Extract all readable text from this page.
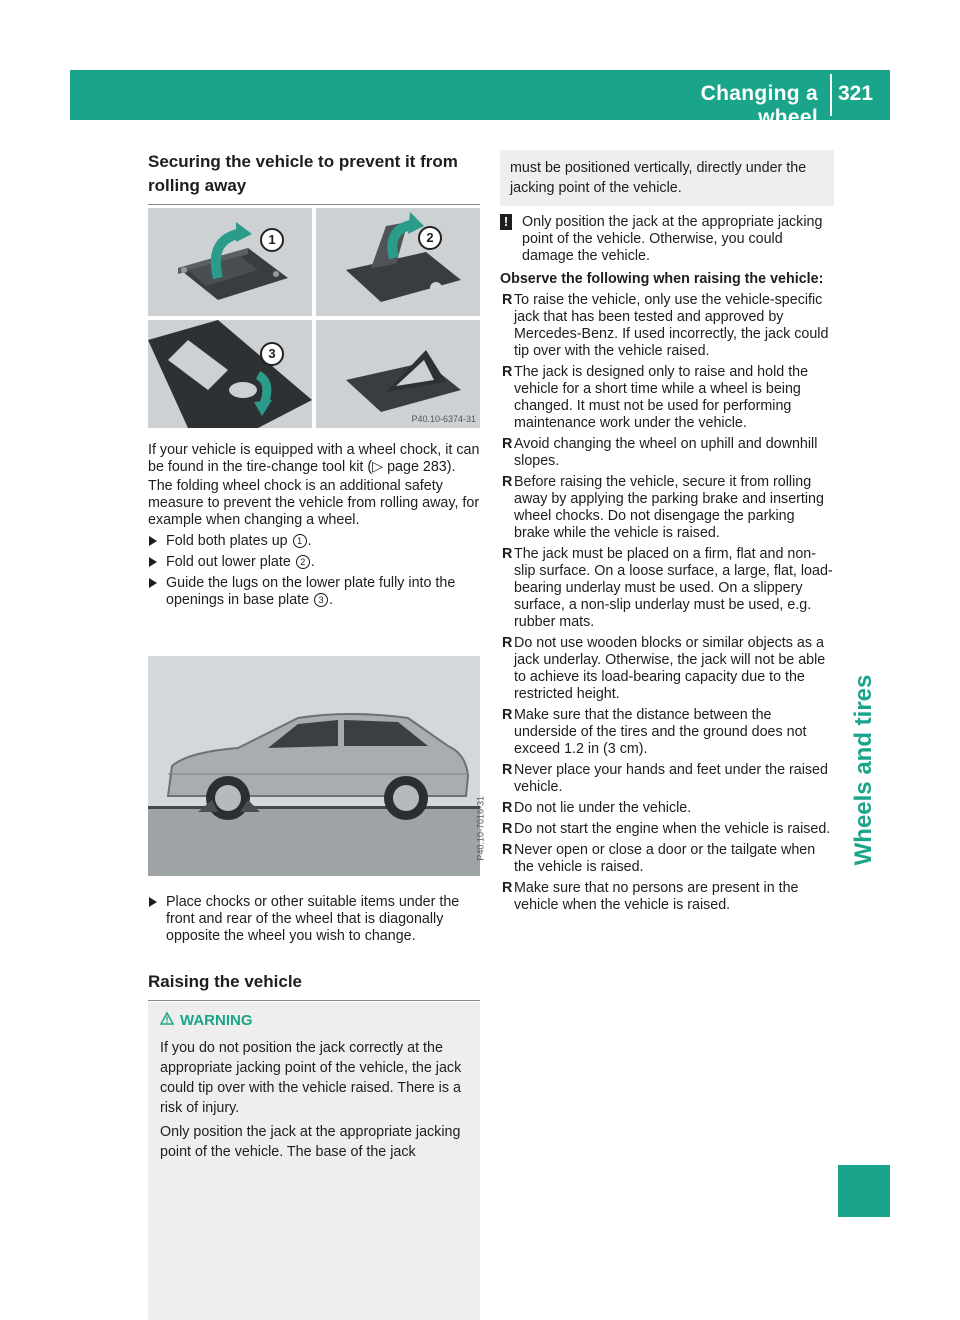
Changing a wheel
321
Wheels and tires
Securing the vehicle to prevent it from rolling away
1	2
3
P40.10-6374-31

If your vehicle is equipped with a wheel chock, it can be found in the tire-change tool kit (▷ page 283).

The folding wheel chock is an additional safety measure to prevent the vehicle from rolling away, for example when changing a wheel.

Fold both plates up 1 .
Fold out lower plate 2 .
Guide the lugs on the lower plate fully into the openings in base plate 3 .
P40.10-7016-31
Place chocks or other suitable items under the front and rear of the wheel that is diagonally opposite the wheel you wish to change.
Raising the vehicle
WARNING

If you do not position the jack correctly at the appropriate jacking point of the vehicle, the jack could tip over with the vehicle raised. There is a risk of injury.

Only position the jack at the appropriate jacking point of the vehicle. The base of the jack

must be positioned vertically, directly under the jacking point of the vehicle.

! Only position the jack at the appropriate jacking point of the vehicle. Otherwise, you could damage the vehicle.
Observe the following when raising the vehicle:
R To raise the vehicle, only use the vehicle-specific jack that has been tested and approved by Mercedes-Benz. If used incorrectly, the jack could tip over with the vehicle raised.
R The jack is designed only to raise and hold the vehicle for a short time while a wheel is being changed. It must not be used for performing maintenance work under the vehicle.
R Avoid changing the wheel on uphill and downhill slopes.
R Before raising the vehicle, secure it from rolling away by applying the parking brake and inserting wheel chocks. Do not disengage the parking brake while the vehicle is raised.
R The jack must be placed on a firm, flat and non-slip surface. On a loose surface, a large, flat, load-bearing underlay must be used. On a slippery surface, a non-slip underlay must be used, e.g. rubber mats.
R Do not use wooden blocks or similar objects as a jack underlay. Otherwise, the jack will not be able to achieve its load-bearing capacity due to the restricted height.
R Make sure that the distance between the underside of the tires and the ground does not exceed 1.2 in (3 cm).
R Never place your hands and feet under the raised vehicle.
R Do not lie under the vehicle.
R Do not start the engine when the vehicle is raised.
R Never open or close a door or the tailgate when the vehicle is raised.
R Make sure that no persons are present in the vehicle when the vehicle is raised.
